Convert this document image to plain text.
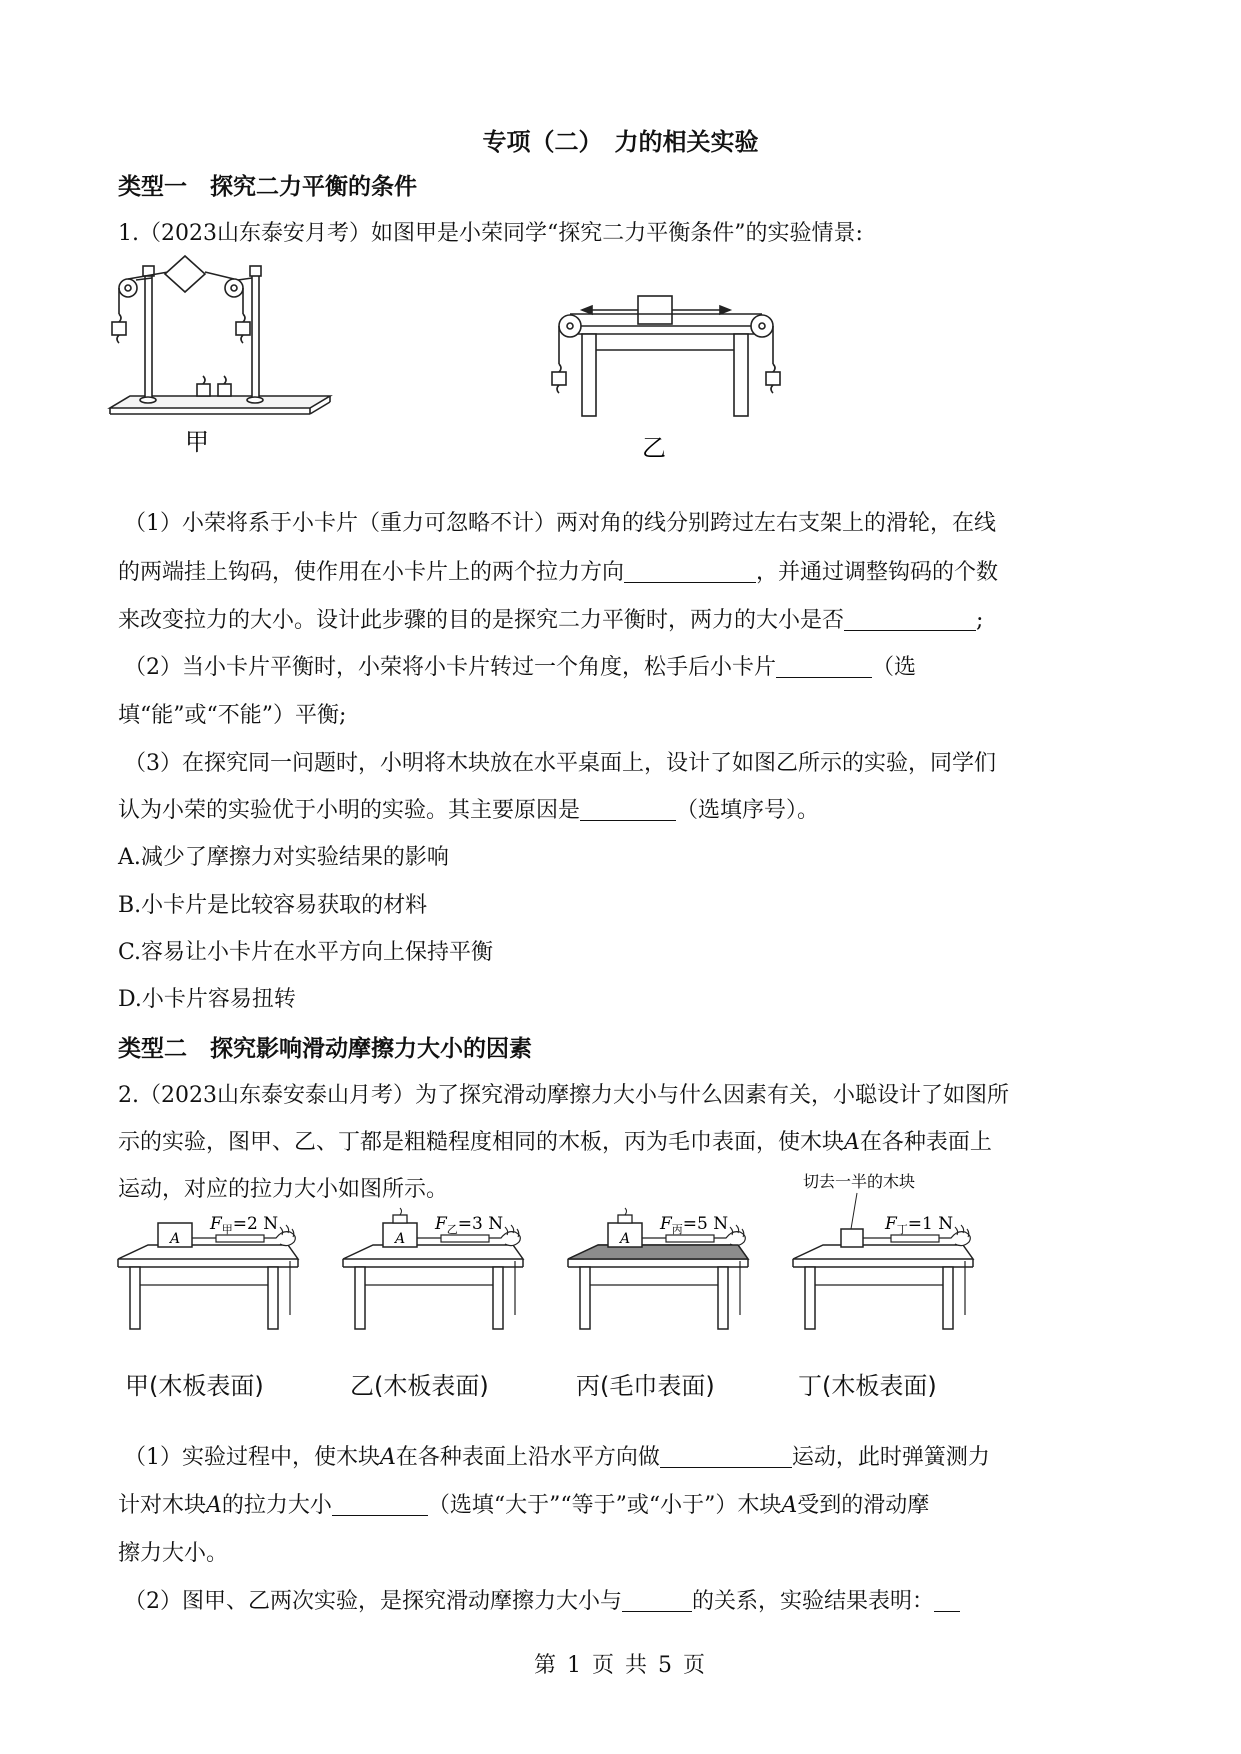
专项（二）　力的相关实验
类型一　探究二力平衡的条件
1.（2023山东泰安月考）如图甲是小荣同学“探究二力平衡条件”的实验情景:
甲	乙
（1）小荣将系于小卡片（重力可忽略不计）两对角的线分别跨过左右支架上的滑轮，在线
的两端挂上钩码，使作用在小卡片上的两个拉力方向	，并通过调整钩码的个数
来改变拉力的大小。设计此步骤的目的是探究二力平衡时，两力的大小是否	;
（2）当小卡片平衡时，小荣将小卡片转过一个角度，松手后小卡片	（选
填“能”或“不能”）平衡;
（3）在探究同一问题时，小明将木块放在水平桌面上，设计了如图乙所示的实验，同学们
认为小荣的实验优于小明的实验。其主要原因是	（选填序号）。
A.减少了摩擦力对实验结果的影响
B.小卡片是比较容易获取的材料
C.容易让小卡片在水平方向上保持平衡
D.小卡片容易扭转
类型二　探究影响滑动摩擦力大小的因素
2.（2023山东泰安泰山月考）为了探究滑动摩擦力大小与什么因素有关，小聪设计了如图所
示的实验，图甲、乙、丁都是粗糙程度相同的木板，丙为毛巾表面，使木块A在各种表面上
运动，对应的拉力大小如图所示。
A
$F_甲=2$ N
A
$F_乙=3$ N
A
$F_丙=5$ N
切去一半的木块
$F_丁=1$ N
甲(木板表面)	乙(木板表面)	丙(毛巾表面)	丁(木板表面)
（1）实验过程中，使木块A在各种表面上沿水平方向做	运动，此时弹簧测力
计对木块A的拉力大小	（选填“大于”“等于”或“小于”）木块A受到的滑动摩
擦力大小。
（2）图甲、乙两次实验，是探究滑动摩擦力大小与	的关系，实验结果表明：
第 1 页 共 5 页
